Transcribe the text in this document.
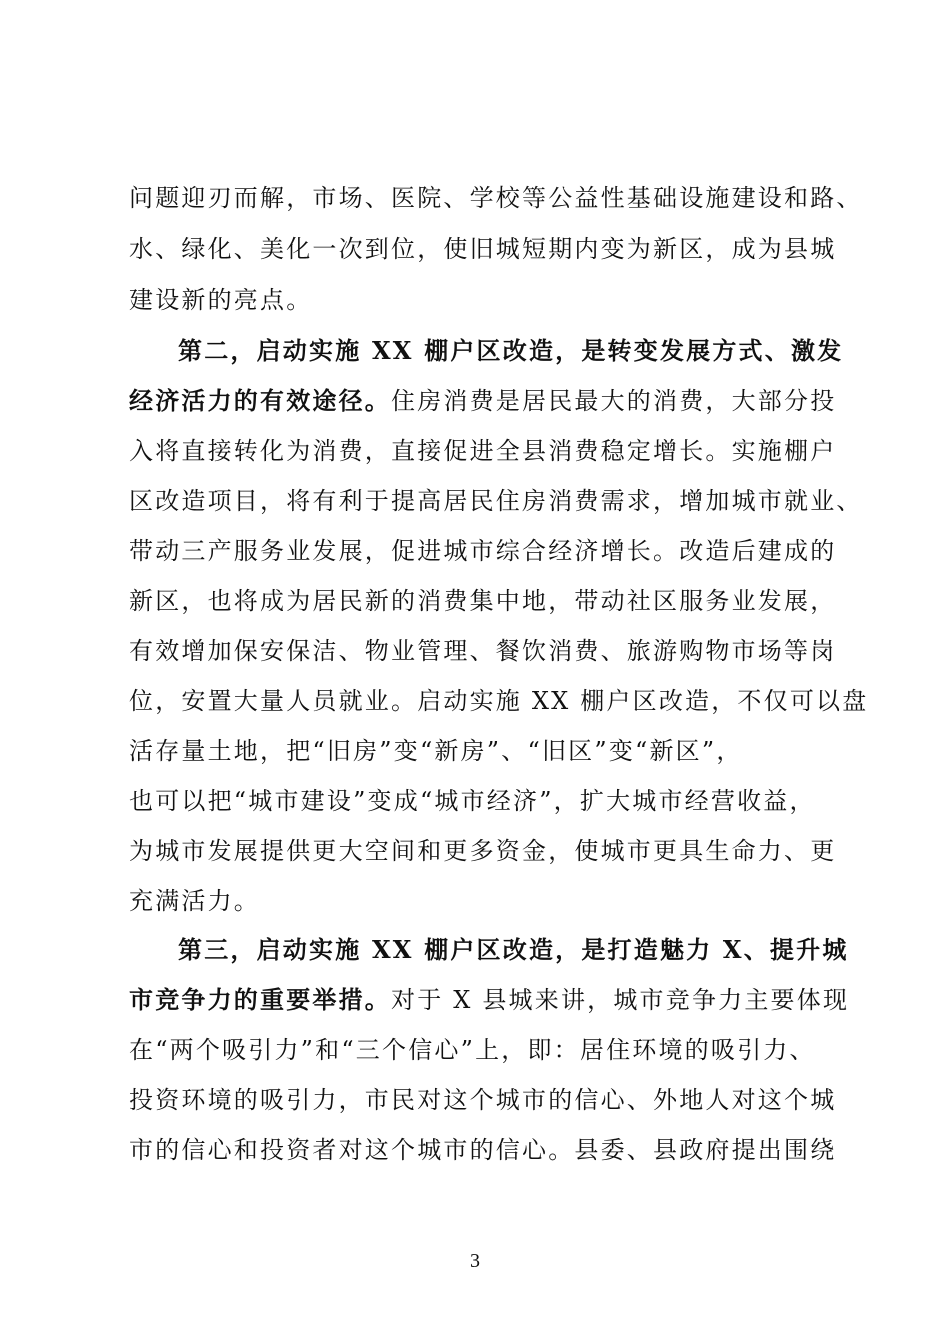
问题迎刃而解，市场、医院、学校等公益性基础设施建设和路、
水、绿化、美化一次到位，使旧城短期内变为新区，成为县城
建设新的亮点。
第二，启动实施 XX 棚户区改造，是转变发展方式、激发
经济活力的有效途径。住房消费是居民最大的消费，大部分投
入将直接转化为消费，直接促进全县消费稳定增长。实施棚户
区改造项目，将有利于提高居民住房消费需求，增加城市就业、
带动三产服务业发展，促进城市综合经济增长。改造后建成的
新区，也将成为居民新的消费集中地，带动社区服务业发展，
有效增加保安保洁、物业管理、餐饮消费、旅游购物市场等岗
位，安置大量人员就业。启动实施 XX 棚户区改造，不仅可以盘
活存量土地，把“旧房”变“新房”、“旧区”变“新区”，
也可以把“城市建设”变成“城市经济”，扩大城市经营收益，
为城市发展提供更大空间和更多资金，使城市更具生命力、更
充满活力。
第三，启动实施 XX 棚户区改造，是打造魅力 X、提升城
市竞争力的重要举措。对于 X 县城来讲，城市竞争力主要体现
在“两个吸引力”和“三个信心”上，即：居住环境的吸引力、
投资环境的吸引力，市民对这个城市的信心、外地人对这个城
市的信心和投资者对这个城市的信心。县委、县政府提出围绕
3
